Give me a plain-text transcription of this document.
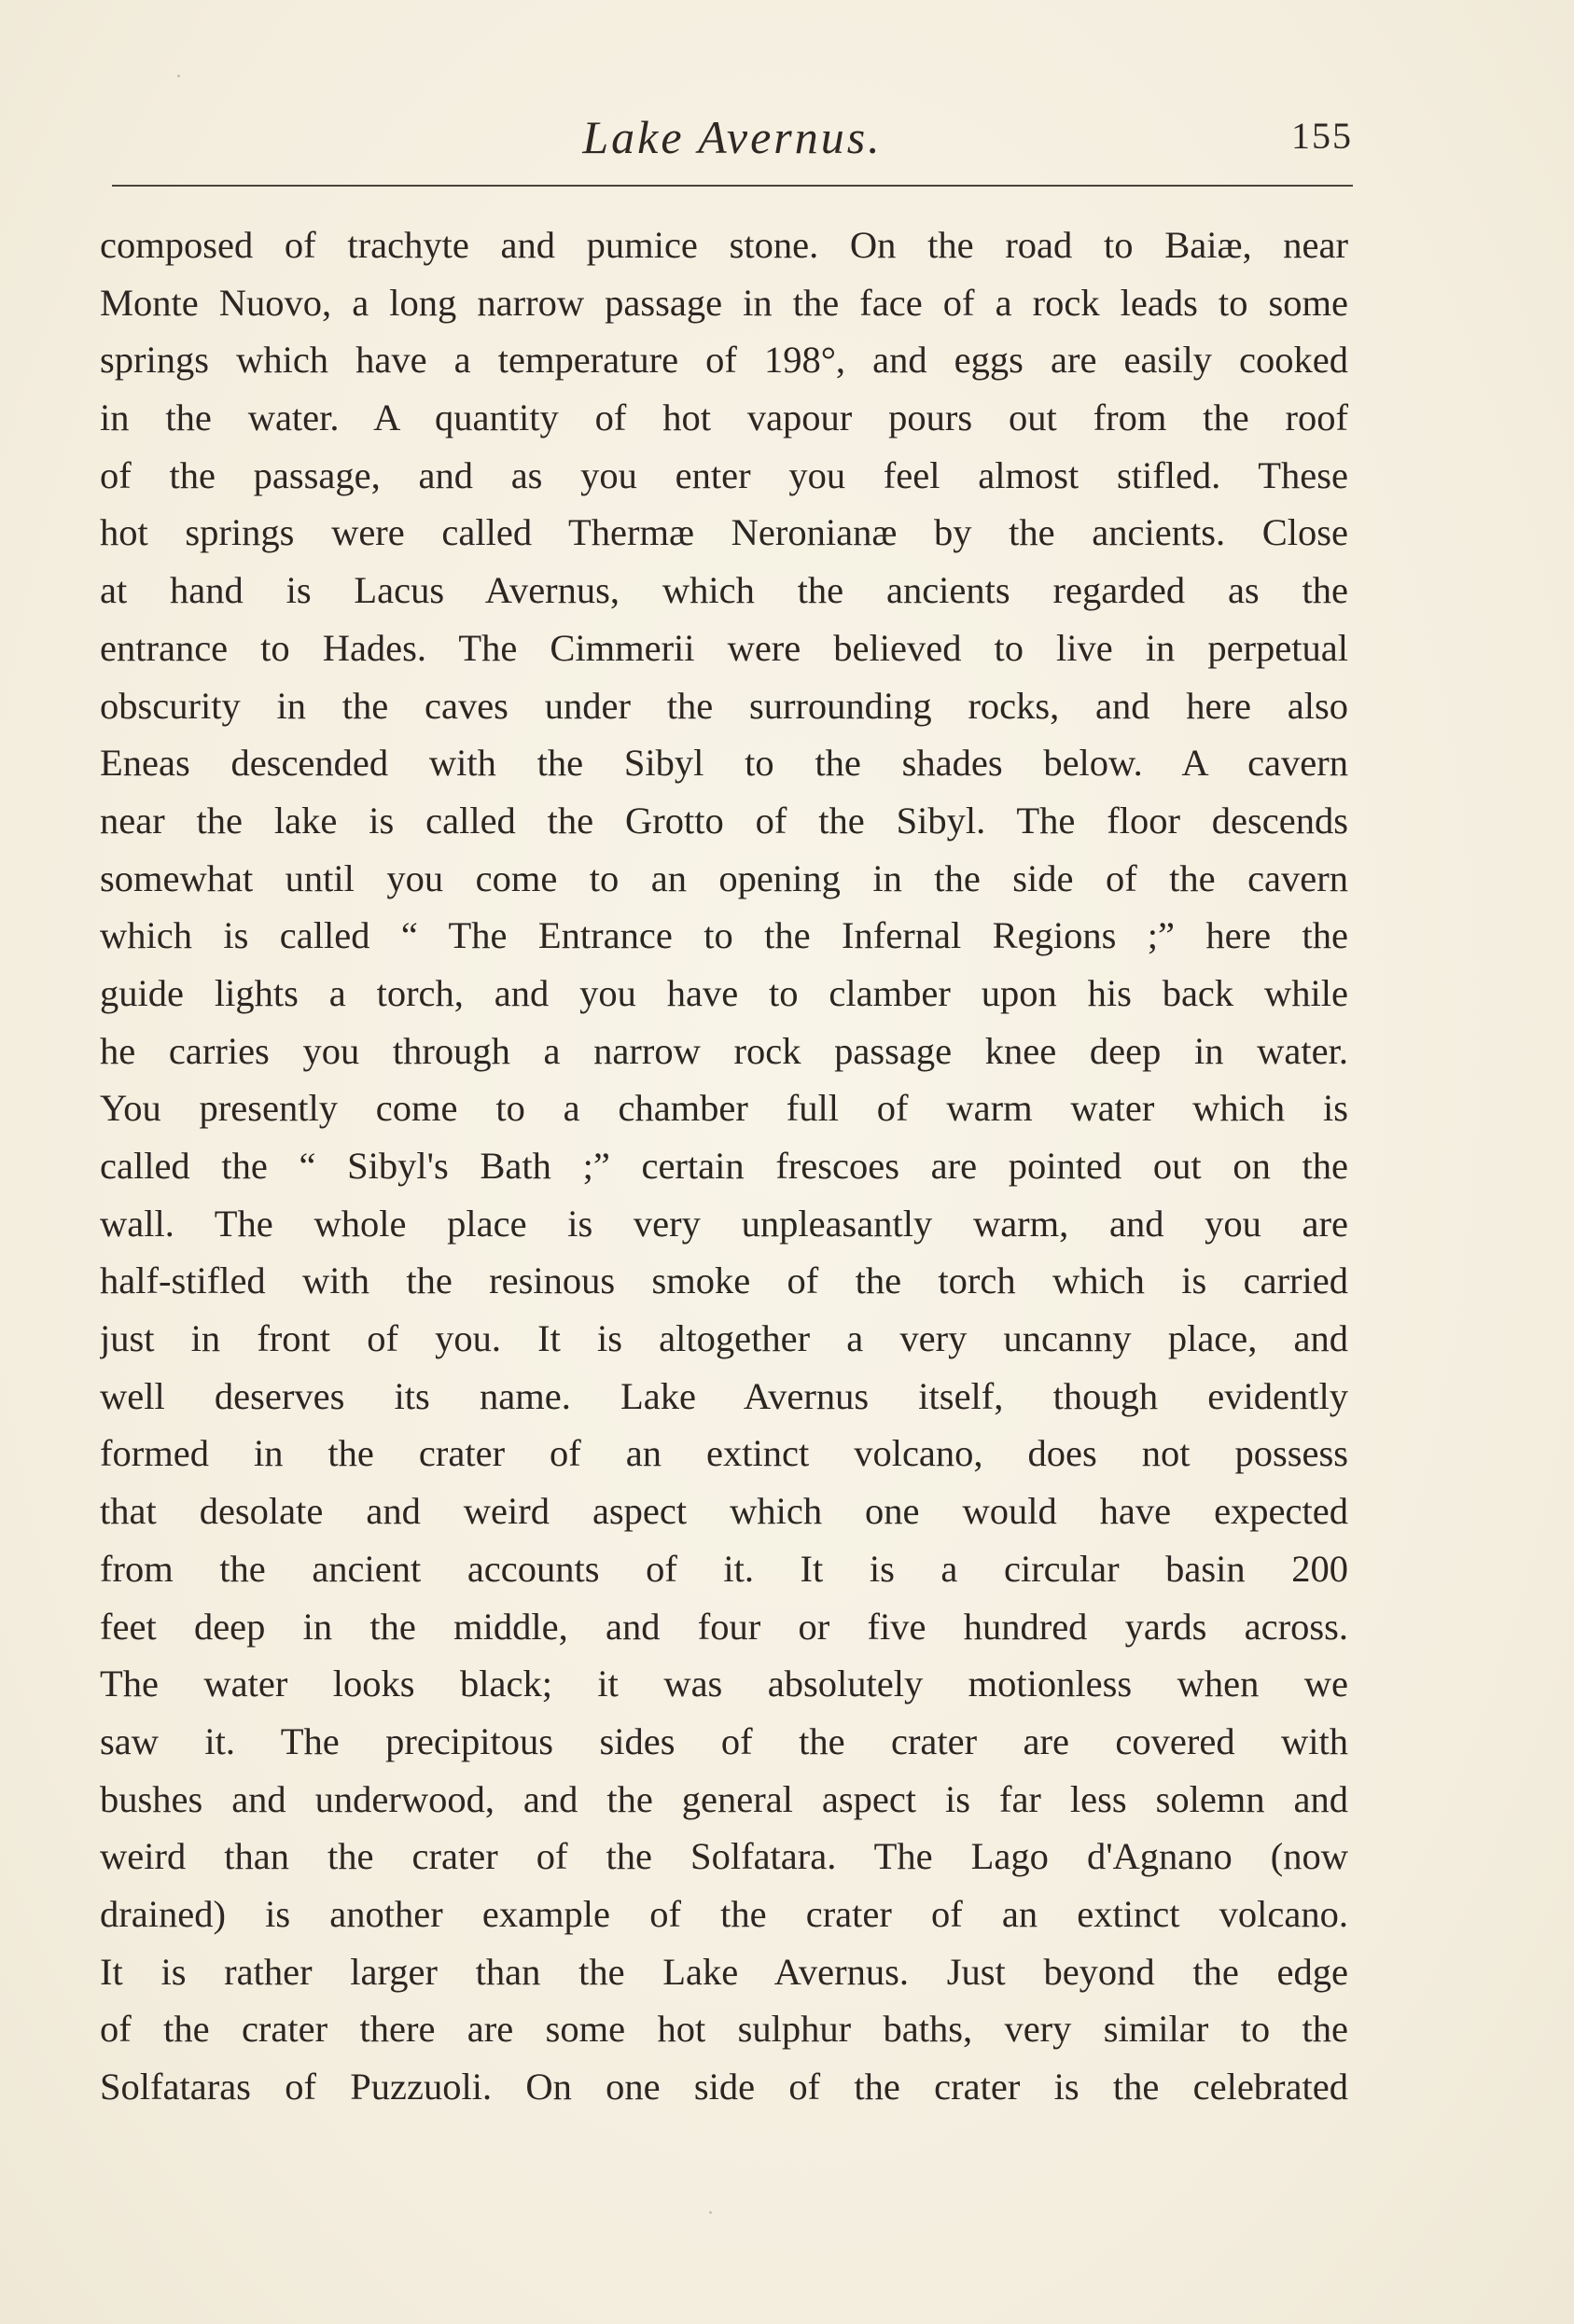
Lake Avernus.	155
composed of trachyte and pumice stone. On the road to Baiæ, near
Monte Nuovo, a long narrow passage in the face of a rock leads to some
springs which have a temperature of 198°, and eggs are easily cooked
in the water. A quantity of hot vapour pours out from the roof
of the passage, and as you enter you feel almost stifled. These
hot springs were called Thermæ Neronianæ by the ancients. Close
at hand is Lacus Avernus, which the ancients regarded as the
entrance to Hades. The Cimmerii were believed to live in perpetual
obscurity in the caves under the surrounding rocks, and here also
Eneas descended with the Sibyl to the shades below. A cavern
near the lake is called the Grotto of the Sibyl. The floor descends
somewhat until you come to an opening in the side of the cavern
which is called “ The Entrance to the Infernal Regions ;” here the
guide lights a torch, and you have to clamber upon his back while
he carries you through a narrow rock passage knee deep in water.
You presently come to a chamber full of warm water which is
called the “ Sibyl's Bath ;” certain frescoes are pointed out on the
wall. The whole place is very unpleasantly warm, and you are
half-stifled with the resinous smoke of the torch which is carried
just in front of you. It is altogether a very uncanny place, and
well deserves its name. Lake Avernus itself, though evidently
formed in the crater of an extinct volcano, does not possess
that desolate and weird aspect which one would have expected
from the ancient accounts of it. It is a circular basin 200
feet deep in the middle, and four or five hundred yards across.
The water looks black; it was absolutely motionless when we
saw it. The precipitous sides of the crater are covered with
bushes and underwood, and the general aspect is far less solemn and
weird than the crater of the Solfatara. The Lago d'Agnano (now
drained) is another example of the crater of an extinct volcano.
It is rather larger than the Lake Avernus. Just beyond the edge
of the crater there are some hot sulphur baths, very similar to the
Solfataras of Puzzuoli. On one side of the crater is the celebrated
